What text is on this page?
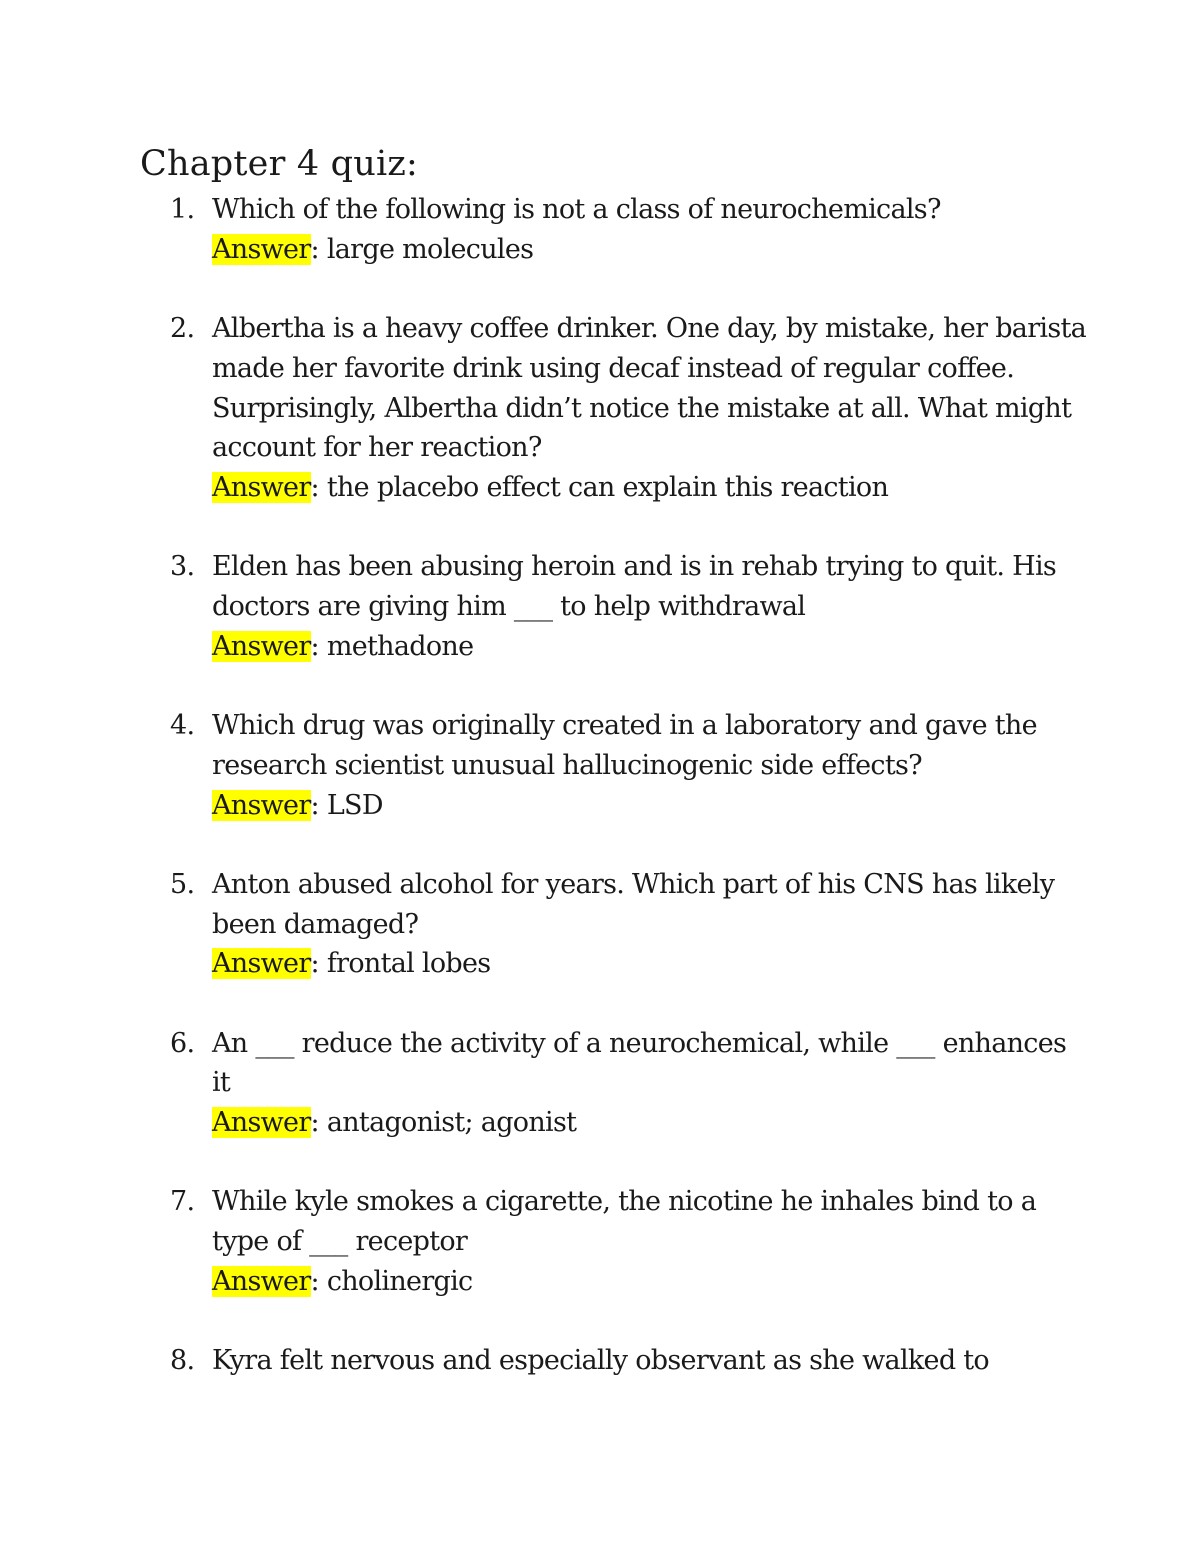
Chapter 4 quiz:
1. Which of the following is not a class of neurochemicals?
Answer: large molecules
2. Albertha is a heavy coffee drinker. One day, by mistake, her barista made her favorite drink using decaf instead of regular coffee. Surprisingly, Albertha didn’t notice the mistake at all. What might account for her reaction?
Answer: the placebo effect can explain this reaction
3. Elden has been abusing heroin and is in rehab trying to quit. His doctors are giving him ___ to help withdrawal
Answer: methadone
4. Which drug was originally created in a laboratory and gave the research scientist unusual hallucinogenic side effects?
Answer: LSD
5. Anton abused alcohol for years. Which part of his CNS has likely been damaged?
Answer: frontal lobes
6. An ___ reduce the activity of a neurochemical, while ___ enhances it
Answer: antagonist; agonist
7. While kyle smokes a cigarette, the nicotine he inhales bind to a type of ___ receptor
Answer: cholinergic
8. Kyra felt nervous and especially observant as she walked to
